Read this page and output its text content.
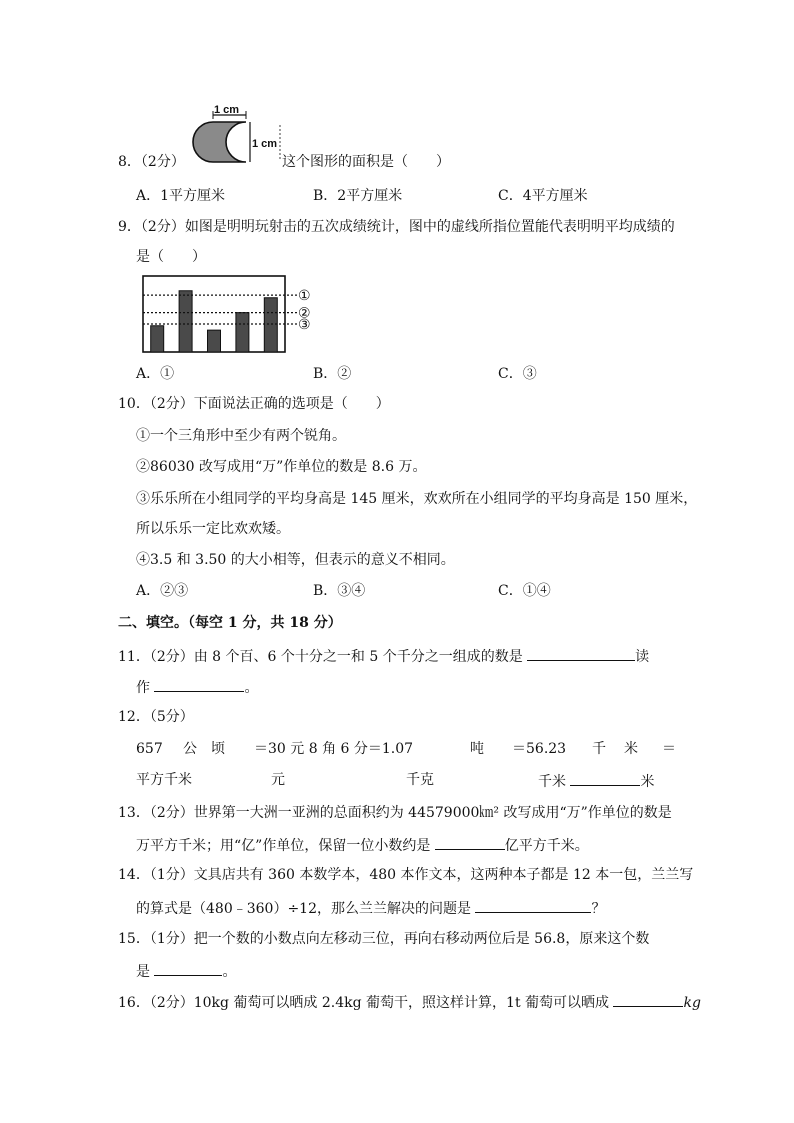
1 cm
1 cm
8．（2分）	这个图形的面积是（　　）
A．1平方厘米	B．2平方厘米	C．4平方厘米
9．（2分）如图是明明玩射击的五次成绩统计，图中的虚线所指位置能代表明明平均成绩的
是（　　）
①
②
③
A．①	B．②	C．③
10．（2分）下面说法正确的选项是（　　）
①一个三角形中至少有两个锐角。
②86030 改写成用“万”作单位的数是 8.6 万。
③乐乐所在小组同学的平均身高是 145 厘米，欢欢所在小组同学的平均身高是 150 厘米，
所以乐乐一定比欢欢矮。
④3.5 和 3.50 的大小相等，但表示的意义不相同。
A．②③	B．③④	C．①④
二、填空。（每空 1 分，共 18 分）
11．（2分）由 8 个百、6 个十分之一和 5 个千分之一组成的数是	读
作	。
12．（5分）
657 公 顷 ＝30 元 8 角 6 分＝1.07	吨 ＝56.23 千 米 ＝
平方千米	元	千克	千米	米
13．（2分）世界第一大洲一亚洲的总面积约为 44579000㎞² 改写成用“万”作单位的数是
万平方千米；用“亿”作单位，保留一位小数约是	亿平方千米。
14．（1分）文具店共有 360 本数学本，480 本作文本，这两种本子都是 12 本一包，兰兰写
的算式是（480﹣360）÷12，那么兰兰解决的问题是	？
15．（1分）把一个数的小数点向左移动三位，再向右移动两位后是 56.8，原来这个数
是	。
16．（2分）10kg 葡萄可以晒成 2.4kg 葡萄干，照这样计算，1t 葡萄可以晒成	kg
